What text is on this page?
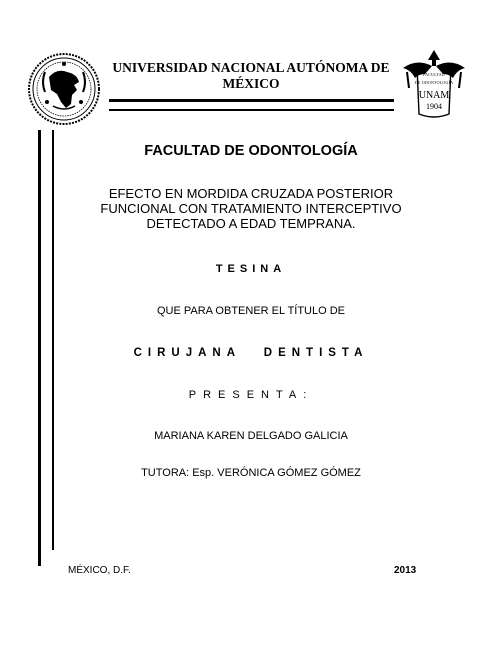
FACULTAD
DE ODONTOLOGÍA
UNAM
1904
UNIVERSIDAD NACIONAL AUTÓNOMA DE MÉXICO
FACULTAD DE ODONTOLOGÍA
EFECTO EN MORDIDA CRUZADA POSTERIOR
FUNCIONAL CON TRATAMIENTO INTERCEPTIVO
DETECTADO A EDAD TEMPRANA.
TESINA
QUE PARA OBTENER EL TÍTULO DE
CIRUJANA DENTISTA
PRESENTA:
MARIANA KAREN DELGADO GALICIA
TUTORA: Esp. VERÓNICA GÓMEZ GÓMEZ
MÉXICO, D.F.	2013
